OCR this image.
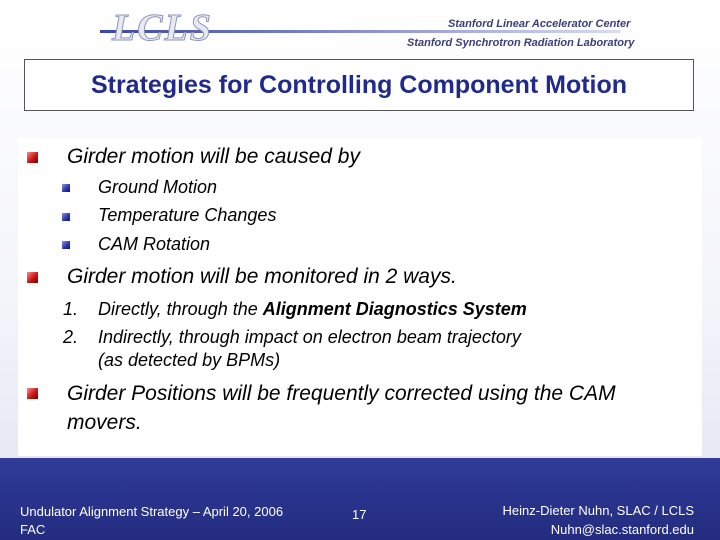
LCLS	Stanford Linear Accelerator Center
Stanford Synchrotron Radiation Laboratory
Strategies for Controlling Component Motion
Girder motion will be caused by
Ground Motion
Temperature Changes
CAM Rotation
Girder motion will be monitored in 2 ways.
1. Directly, through the Alignment Diagnostics System
2. Indirectly, through impact on electron beam trajectory
(as detected by BPMs)
Girder Positions will be frequently corrected using the CAM
movers.
Undulator Alignment Strategy – April 20, 2006
FAC
17	Heinz-Dieter Nuhn, SLAC / LCLS
Nuhn@slac.stanford.edu
